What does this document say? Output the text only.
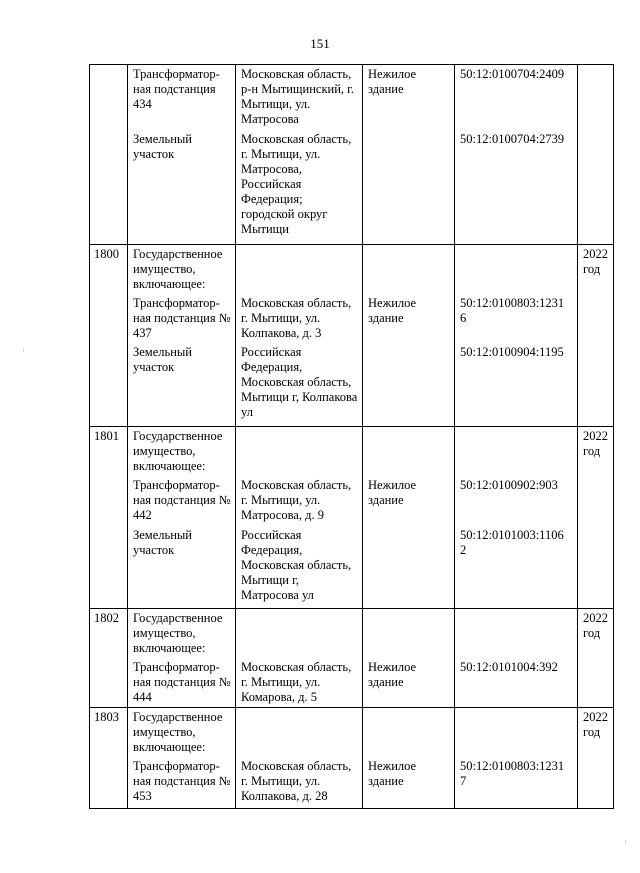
151
	Трансформатор-ная подстанция 434	Московская область, р-н Мытищинский, г. Мытищи, ул. Матросова	Нежилое здание	50:12:0100704:2409	
	Земельный участок	Московская область, г. Мытищи, ул. Матросова, Российская Федерация; городской округ Мытищи		50:12:0100704:2739	
1800	Государственное имущество, включающее:				2022 год
	Трансформатор-ная подстанция № 437	Московская область, г. Мытищи, ул. Колпакова, д. 3	Нежилое здание	50:12:0100803:1231 6	
	Земельный участок	Российская Федерация, Московская область, Мытищи г, Колпакова ул		50:12:0100904:1195	
1801	Государственное имущество, включающее:				2022 год
	Трансформатор-ная подстанция № 442	Московская область, г. Мытищи, ул. Матросова, д. 9	Нежилое здание	50:12:0100902:903	
	Земельный участок	Российская Федерация, Московская область, Мытищи г, Матросова ул		50:12:0101003:1106 2	
1802	Государственное имущество, включающее:				2022 год
	Трансформатор-ная подстанция № 444	Московская область, г. Мытищи, ул. Комарова, д. 5	Нежилое здание	50:12:0101004:392	
1803	Государственное имущество, включающее:				2022 год
	Трансформатор-ная подстанция № 453	Московская область, г. Мытищи, ул. Колпакова, д. 28	Нежилое здание	50:12:0100803:1231 7	
